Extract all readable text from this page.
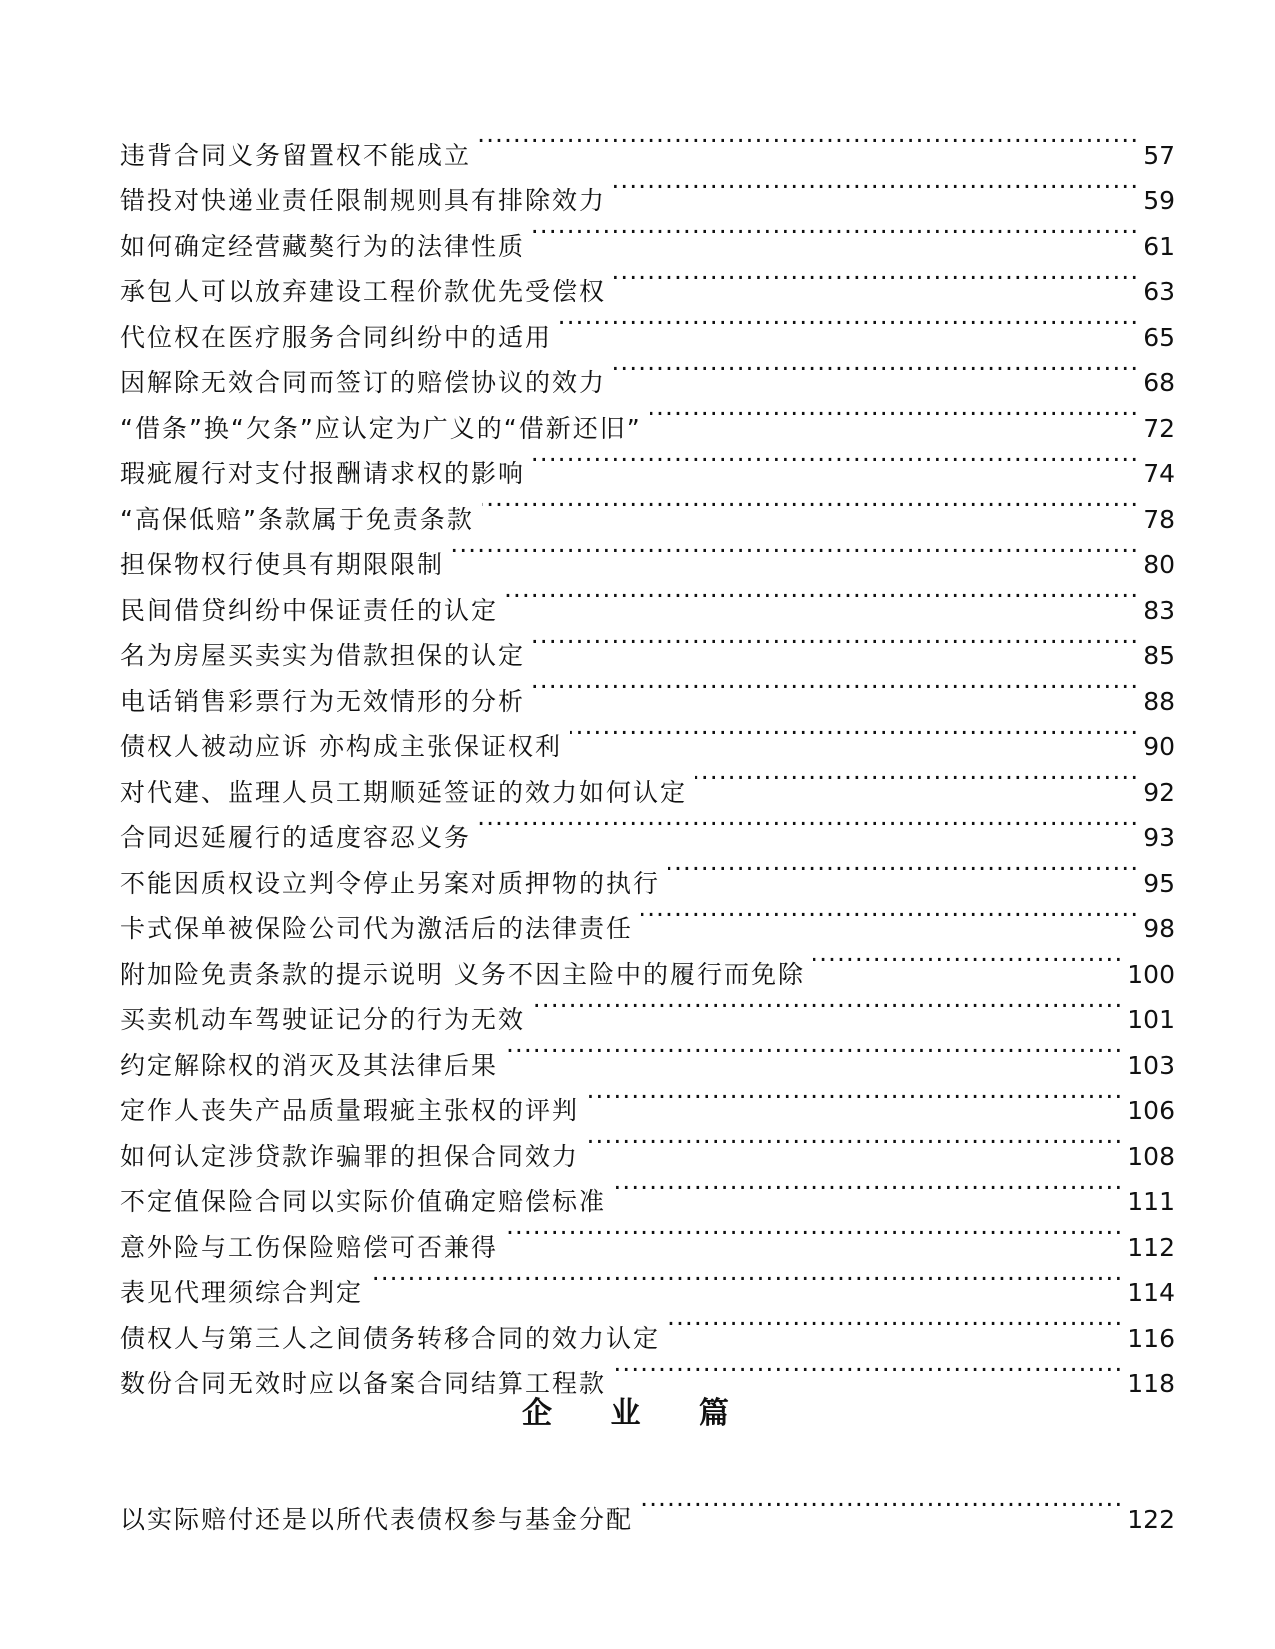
违背合同义务留置权不能成立 ·····	57
错投对快递业责任限制规则具有排除效力 ·····	59
如何确定经营藏獒行为的法律性质 ·····	61
承包人可以放弃建设工程价款优先受偿权 ·····	63
代位权在医疗服务合同纠纷中的适用 ·····	65
因解除无效合同而签订的赔偿协议的效力 ·····	68
“借条”换“欠条”应认定为广义的“借新还旧” ·····	72
瑕疵履行对支付报酬请求权的影响 ·····	74
“高保低赔”条款属于免责条款 ·····	78
担保物权行使具有期限限制 ·····	80
民间借贷纠纷中保证责任的认定 ·····	83
名为房屋买卖实为借款担保的认定 ·····	85
电话销售彩票行为无效情形的分析 ·····	88
债权人被动应诉 亦构成主张保证权利 ·····	90
对代建、监理人员工期顺延签证的效力如何认定 ·····	92
合同迟延履行的适度容忍义务 ·····	93
不能因质权设立判令停止另案对质押物的执行 ·····	95
卡式保单被保险公司代为激活后的法律责任 ·····	98
附加险免责条款的提示说明 义务不因主险中的履行而免除 ·····	100
买卖机动车驾驶证记分的行为无效 ·····	101
约定解除权的消灭及其法律后果 ·····	103
定作人丧失产品质量瑕疵主张权的评判 ·····	106
如何认定涉贷款诈骗罪的担保合同效力 ·····	108
不定值保险合同以实际价值确定赔偿标准 ·····	111
意外险与工伤保险赔偿可否兼得 ·····	112
表见代理须综合判定 ·····	114
债权人与第三人之间债务转移合同的效力认定 ·····	116
数份合同无效时应以备案合同结算工程款 ·····	118
企 业 篇
以实际赔付还是以所代表债权参与基金分配 ·····	122
